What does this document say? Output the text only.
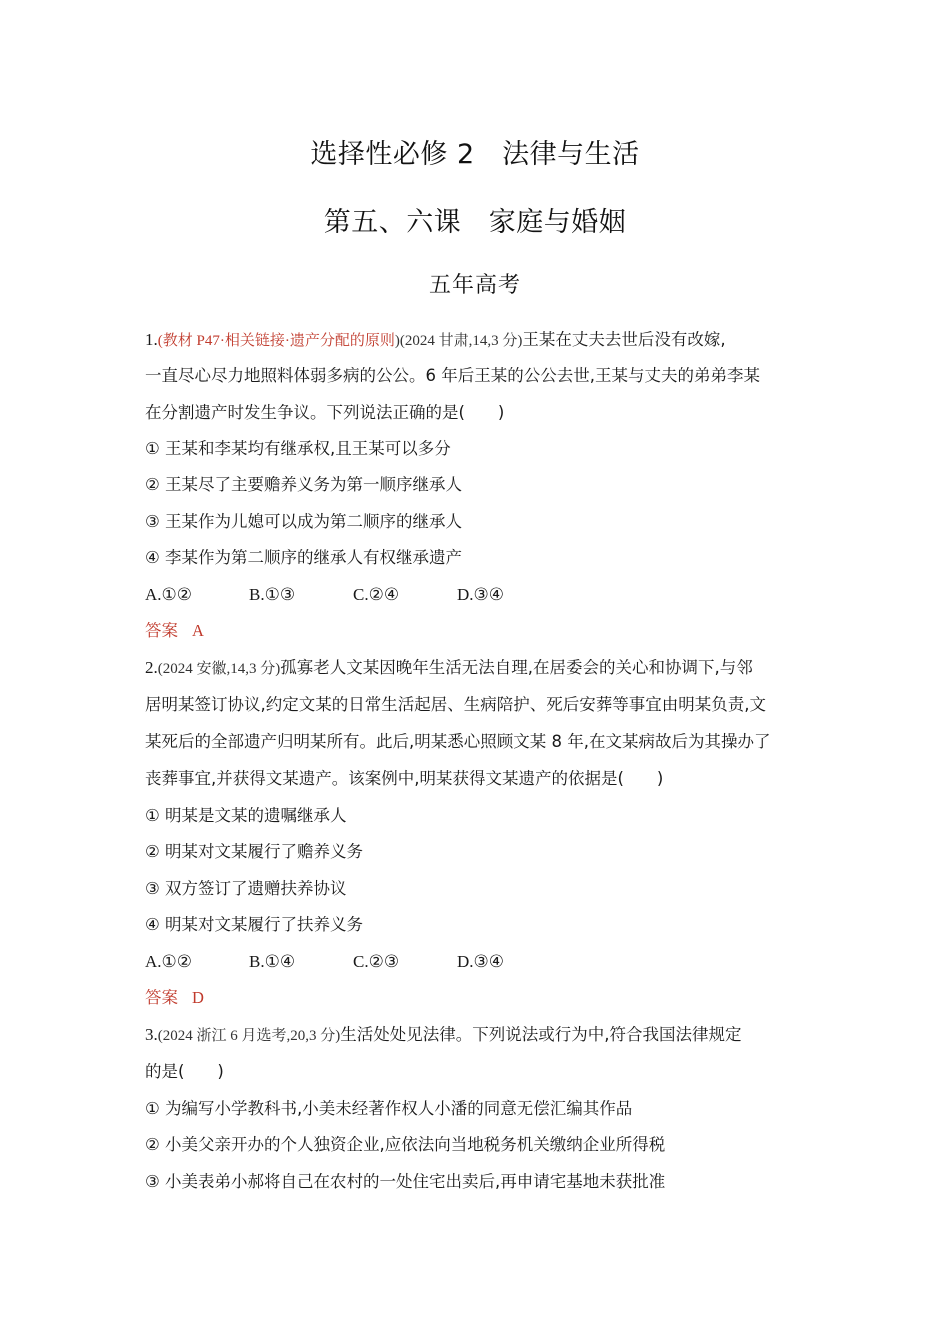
选择性必修 2　法律与生活
第五、六课　家庭与婚姻
五年高考
1.(教材 P47·相关链接·遗产分配的原则)(2024 甘肃,14,3 分)王某在丈夫去世后没有改嫁,
一直尽心尽力地照料体弱多病的公公。6 年后王某的公公去世,王某与丈夫的弟弟李某
在分割遗产时发生争议。下列说法正确的是(　　)
① 王某和李某均有继承权,且王某可以多分
② 王某尽了主要赡养义务为第一顺序继承人
③ 王某作为儿媳可以成为第二顺序的继承人
④ 李某作为第二顺序的继承人有权继承遗产
A.①②	B.①③	C.②④	D.③④
答案 A
2.(2024 安徽,14,3 分)孤寡老人文某因晚年生活无法自理,在居委会的关心和协调下,与邻
居明某签订协议,约定文某的日常生活起居、生病陪护、死后安葬等事宜由明某负责,文
某死后的全部遗产归明某所有。此后,明某悉心照顾文某 8 年,在文某病故后为其操办了
丧葬事宜,并获得文某遗产。该案例中,明某获得文某遗产的依据是(　　)
① 明某是文某的遗嘱继承人
② 明某对文某履行了赡养义务
③ 双方签订了遗赠扶养协议
④ 明某对文某履行了扶养义务
A.①②	B.①④	C.②③	D.③④
答案 D
3.(2024 浙江 6 月选考,20,3 分)生活处处见法律。下列说法或行为中,符合我国法律规定
的是(　　)
① 为编写小学教科书,小美未经著作权人小潘的同意无偿汇编其作品
② 小美父亲开办的个人独资企业,应依法向当地税务机关缴纳企业所得税
③ 小美表弟小郝将自己在农村的一处住宅出卖后,再申请宅基地未获批准
